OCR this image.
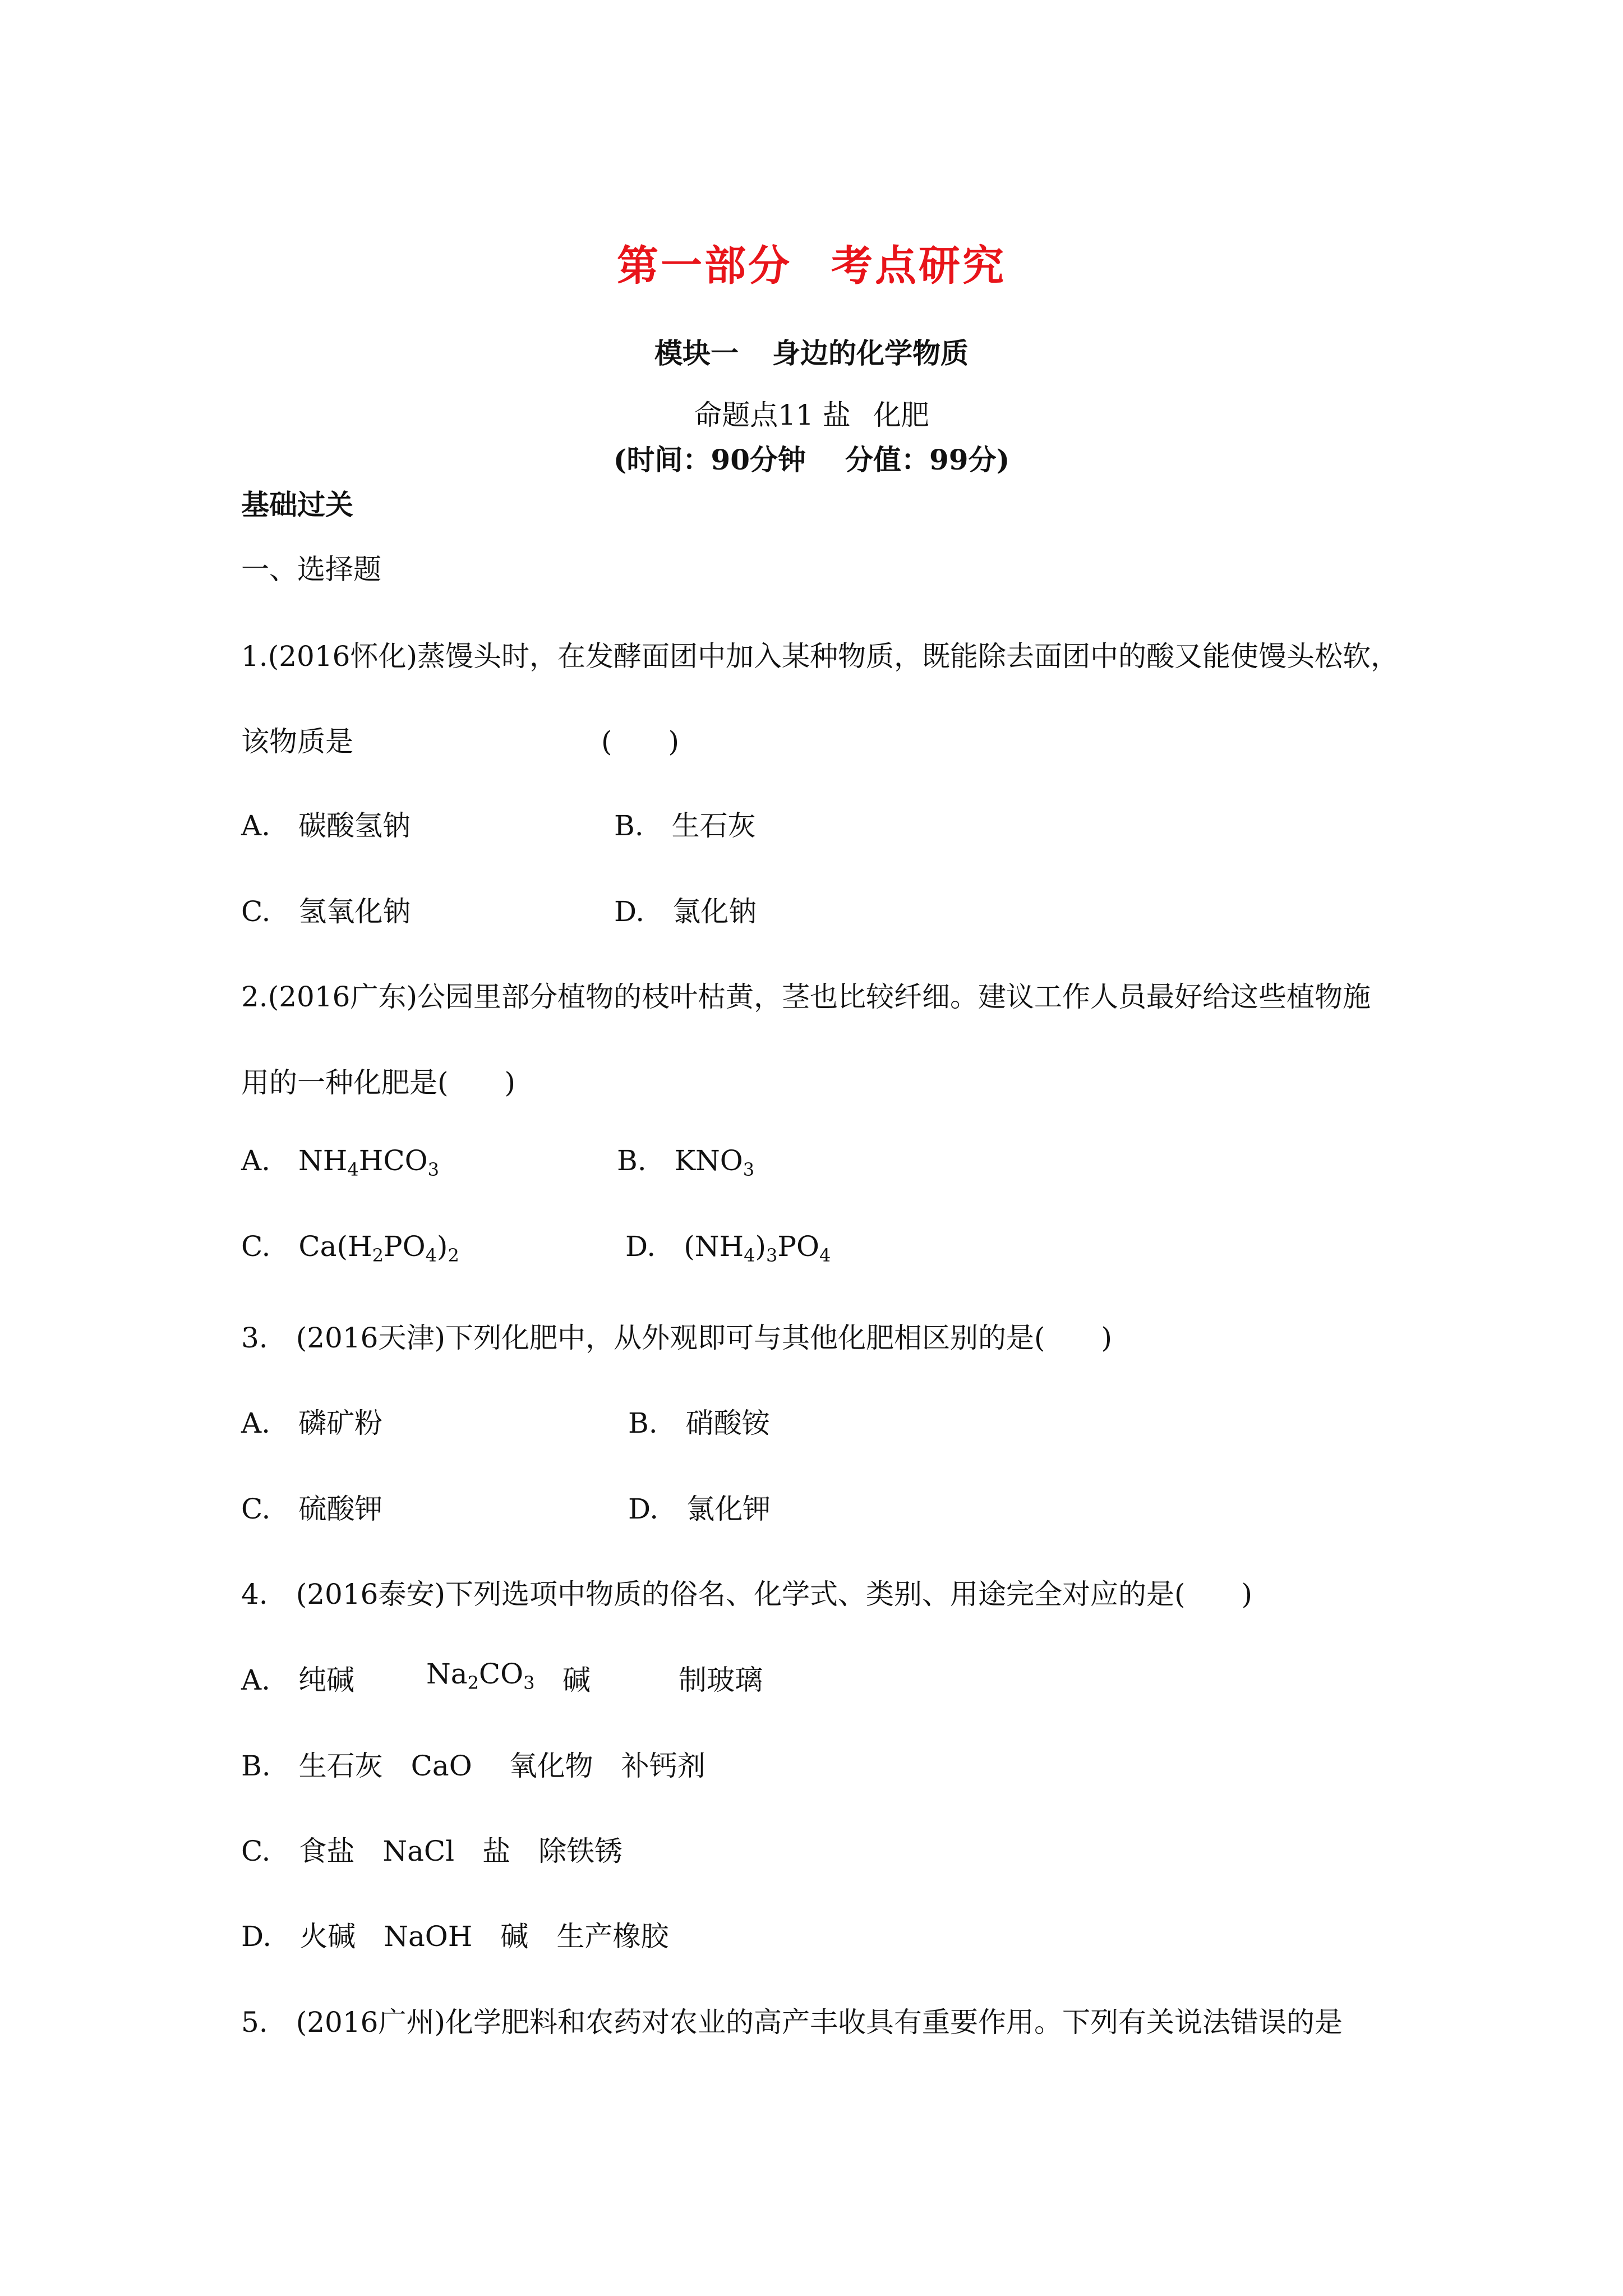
第一部分 考点研究
模块一 身边的化学物质
命题点11 盐 化肥
(时间：90分钟 分值：99分)
基础过关
一、选择题
1.(2016怀化)蒸馒头时，在发酵面团中加入某种物质，既能除去面团中的酸又能使馒头松软，
该物质是	(　　)
A.　碳酸氢钠	B.　生石灰
C.　氢氧化钠	D.　氯化钠
2.(2016广东)公园里部分植物的枝叶枯黄，茎也比较纤细。建议工作人员最好给这些植物施
用的一种化肥是(　　)
A.  $NH_4HCO_3$	B.  $KNO_3$
C.  $Ca(H_2PO_4)_2$	D.  $(NH_4)_3PO_4$
3.　(2016天津)下列化肥中，从外观即可与其他化肥相区别的是(　　)
A.　磷矿粉	B.　硝酸铵
C.　硫酸钾	D.　氯化钾
4.　(2016泰安)下列选项中物质的俗名、化学式、类别、用途完全对应的是(　　)
A.　纯碱	$Na_2CO_3$ 碱	制玻璃
B.　生石灰　CaO　 氧化物　补钙剂
C.　食盐　NaCl　盐　除铁锈
D.　火碱　NaOH　碱　生产橡胶
5.　(2016广州)化学肥料和农药对农业的高产丰收具有重要作用。下列有关说法错误的是
